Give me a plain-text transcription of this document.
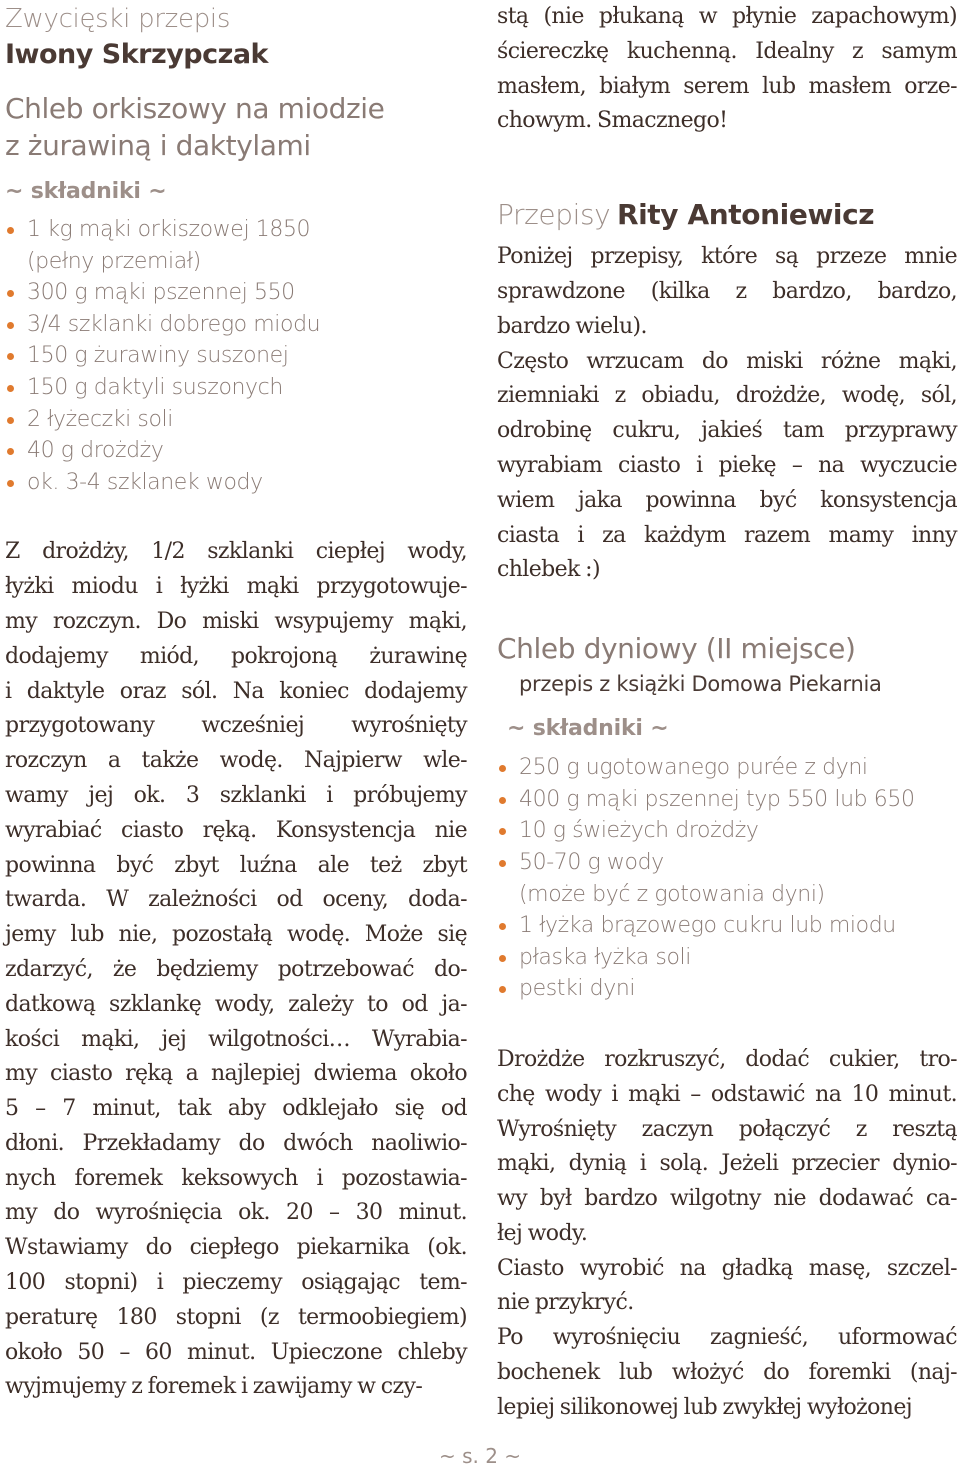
Zwycięski przepis

Iwony Skrzypczak

Chleb orkiszowy na miodzie
z żurawiną i daktylami
~ składniki ~
1 kg mąki orkiszowej 1850
(pełny przemiał)
300 g mąki pszennej 550
3/4 szklanki dobrego miodu
150 g żurawiny suszonej
150 g daktyli suszonych
2 łyżeczki soli
40 g drożdży
ok. 3-4 szklanek wody
Z drożdży, 1/2 szklanki ciepłej wody,
łyżki miodu i łyżki mąki przygotowuje-
my rozczyn. Do miski wsypujemy mąki,
dodajemy miód, pokrojoną żurawinę
i daktyle oraz sól. Na koniec dodajemy
przygotowany wcześniej wyrośnięty
rozczyn a także wodę. Najpierw wle-
wamy jej ok. 3 szklanki i próbujemy
wyrabiać ciasto ręką. Konsystencja nie
powinna być zbyt luźna ale też zbyt
twarda. W zależności od oceny, doda-
jemy lub nie, pozostałą wodę. Może się
zdarzyć, że będziemy potrzebować do-
datkową szklankę wody, zależy to od ja-
kości mąki, jej wilgotności… Wyrabia-
my ciasto ręką a najlepiej dwiema około
5 – 7 minut, tak aby odklejało się od
dłoni. Przekładamy do dwóch naoliwio-
nych foremek keksowych i pozostawia-
my do wyrośnięcia ok. 20 – 30 minut.
Wstawiamy do ciepłego piekarnika (ok.
100 stopni) i pieczemy osiągając tem-
peraturę 180 stopni (z termoobiegiem)
około 50 – 60 minut. Upieczone chleby
wyjmujemy z foremek i zawijamy w czy-
stą (nie płukaną w płynie zapachowym)
ściereczkę kuchenną. Idealny z samym
masłem, białym serem lub masłem orze-
chowym. Smacznego!
Przepisy Rity Antoniewicz
Poniżej przepisy, które są przeze mnie
sprawdzone (kilka z bardzo, bardzo,
bardzo wielu).
Często wrzucam do miski różne mąki,
ziemniaki z obiadu, drożdże, wodę, sól,
odrobinę cukru, jakieś tam przyprawy
wyrabiam ciasto i piekę – na wyczucie
wiem jaka powinna być konsystencja
ciasta i za każdym razem mamy inny
chlebek :)
Chleb dyniowy (II miejsce)
przepis z książki Domowa Piekarnia
~ składniki ~
250 g ugotowanego purée z dyni
400 g mąki pszennej typ 550 lub 650
10 g świeżych drożdży
50-70 g wody
(może być z gotowania dyni)
1 łyżka brązowego cukru lub miodu
płaska łyżka soli
pestki dyni
Drożdże rozkruszyć, dodać cukier, tro-
chę wody i mąki – odstawić na 10 minut.
Wyrośnięty zaczyn połączyć z resztą
mąki, dynią i solą. Jeżeli przecier dynio-
wy był bardzo wilgotny nie dodawać ca-
łej wody.
Ciasto wyrobić na gładką masę, szczel-
nie przykryć.
Po wyrośnięciu zagnieść, uformować
bochenek lub włożyć do foremki (naj-
lepiej silikonowej lub zwykłej wyłożonej
~ s. 2 ~
